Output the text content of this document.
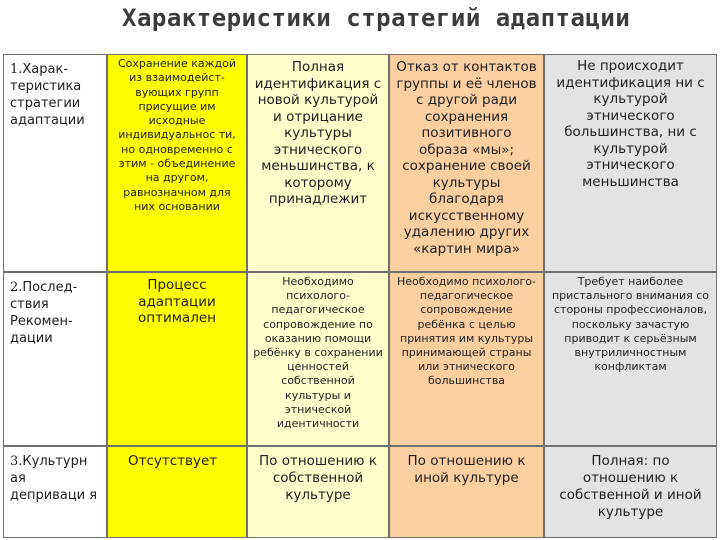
Характеристики стратегий адаптации
1.Харак-теристика стратегии адаптации
Сохранение каждой из взаимодейст-вующих групп присущие им исходные индивидуальнос ти, но одновременно с этим - объединение на другом, равнозначном для них основании
Полная идентификация с новой культурой и отрицание культуры этнического меньшинства, к которому принадлежит
Отказ от контактов группы и её членов с другой ради сохранения позитивного образа «мы»; сохранение своей культуры благодаря искусственному удалению других «картин мира»
Не происходит идентификация ни с культурой этнического большинства, ни с культурой этнического меньшинства
2.Послед-ствия Рекомен-дации
Процесс адаптации оптимален
Необходимо психолого-педагогическое сопровождение по оказанию помощи ребёнку в сохранении ценностей собственной культуры и этнической идентичности
Необходимо психолого-педагогическое сопровождение ребёнка с целью принятия им культуры принимающей страны или этнического большинства
Требует наиболее пристального внимания со стороны профессионалов, поскольку зачастую приводит к серьёзным внутриличностным конфликтам
3.Культурн ая деприваци я
Отсутствует	По отношению к собственной культуре
По отношению к иной культуре
Полная: по отношению к собственной и иной культуре
